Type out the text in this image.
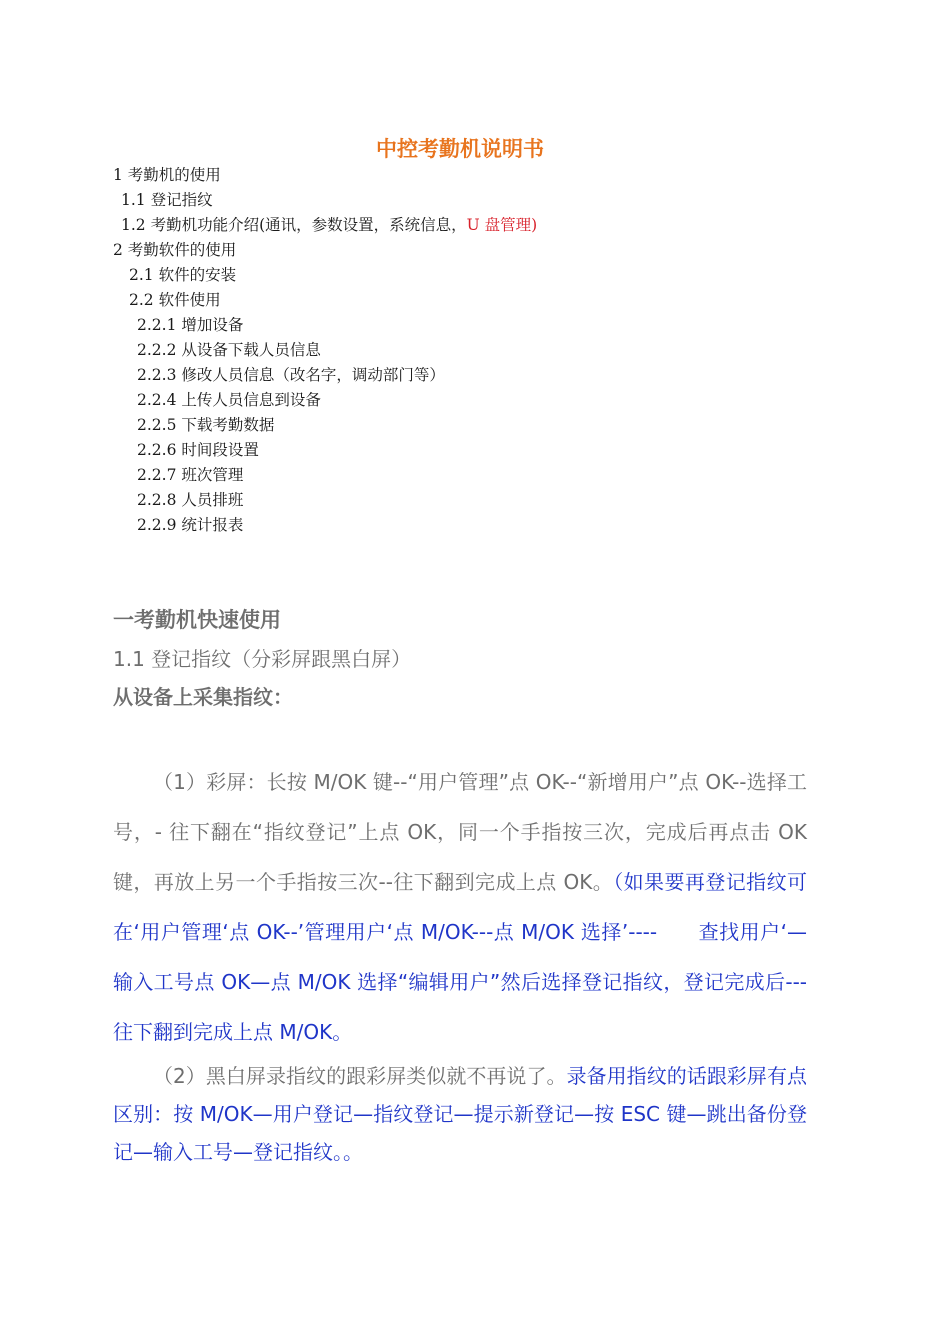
中控考勤机说明书
1 考勤机的使用
1.1 登记指纹
1.2 考勤机功能介绍(通讯，参数设置，系统信息，U 盘管理)
2 考勤软件的使用
2.1 软件的安装
2.2 软件使用
2.2.1 增加设备
2.2.2 从设备下载人员信息
2.2.3 修改人员信息（改名字，调动部门等）
2.2.4 上传人员信息到设备
2.2.5 下载考勤数据
2.2.6 时间段设置
2.2.7 班次管理
2.2.8 人员排班
2.2.9 统计报表
一考勤机快速使用
1.1 登记指纹（分彩屏跟黑白屏）
从设备上采集指纹：
（1）彩屏：长按 M/OK 键--“用户管理”点 OK--“新增用户”点 OK--选择工号，- 往下翻在“指纹登记”上点 OK，同一个手指按三次，完成后再点击 OK 键，再放上另一个手指按三次--往下翻到完成上点 OK。（如果要再登记指纹可在‘用户管理‘点 OK--’管理用户‘点 M/OK---点 M/OK 选择’----　　查找用户‘—输入工号点 OK—点 M/OK 选择“编辑用户”然后选择登记指纹，登记完成后---往下翻到完成上点 M/OK。
（2）黑白屏录指纹的跟彩屏类似就不再说了。录备用指纹的话跟彩屏有点区别：按 M/OK—用户登记—指纹登记—提示新登记—按 ESC 键—跳出备份登记—输入工号—登记指纹。。
